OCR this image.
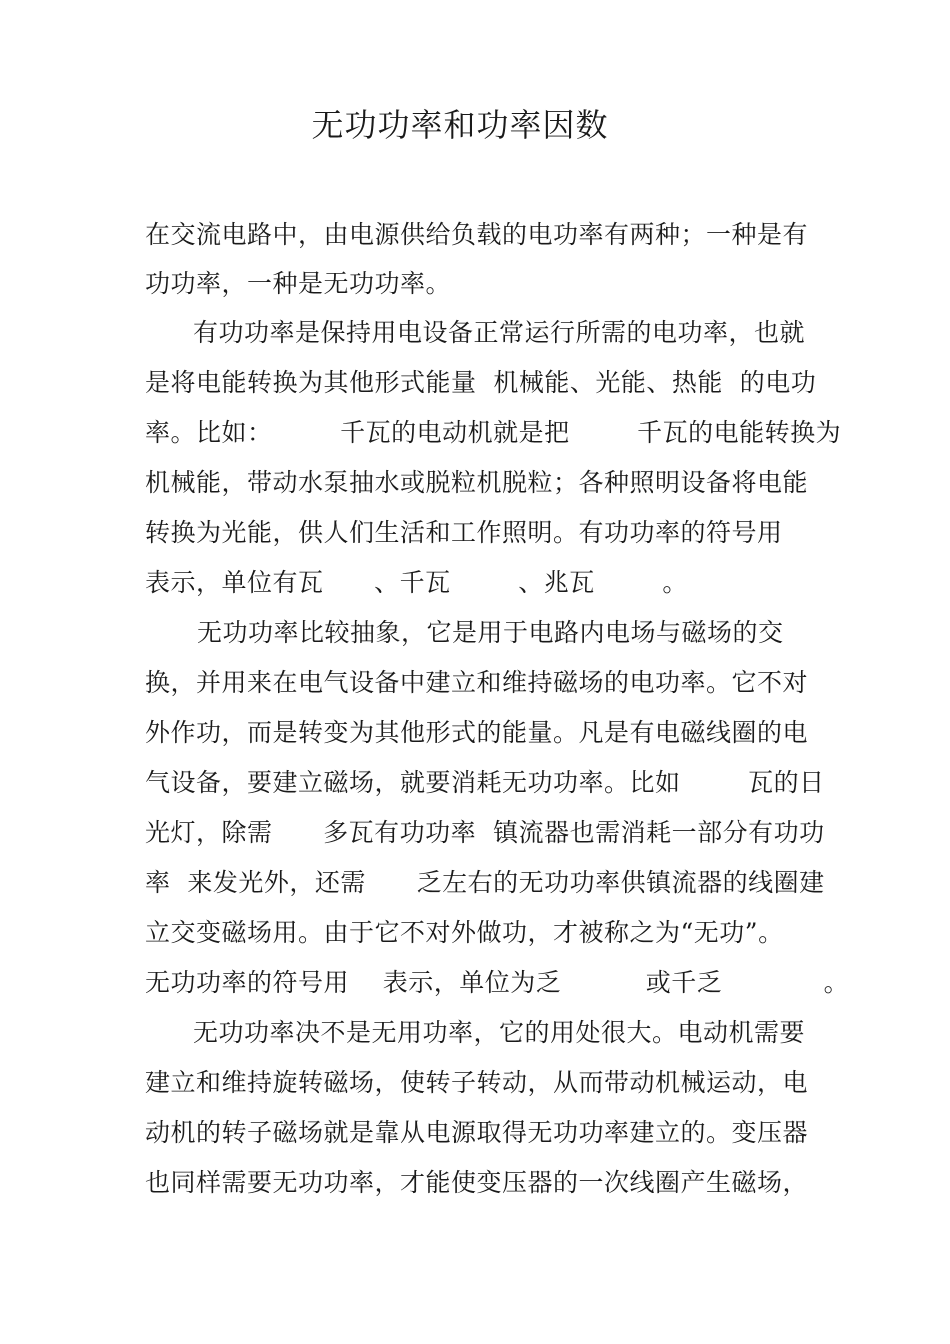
无功功率和功率因数
在交流电路中，由电源供给负载的电功率有两种；一种是有
功功率，一种是无功功率。
有功功率是保持用电设备正常运行所需的电功率，也就
是将电能转换为其他形式能量  机械能、光能、热能  的电功
率。比如：        千瓦的电动机就是把        千瓦的电能转换为
机械能，带动水泵抽水或脱粒机脱粒；各种照明设备将电能
转换为光能，供人们生活和工作照明。有功功率的符号用
表示，单位有瓦      、千瓦        、兆瓦        。
无功功率比较抽象，它是用于电路内电场与磁场的交
换，并用来在电气设备中建立和维持磁场的电功率。它不对
外作功，而是转变为其他形式的能量。凡是有电磁线圈的电
气设备，要建立磁场，就要消耗无功功率。比如        瓦的日
光灯，除需      多瓦有功功率  镇流器也需消耗一部分有功功
率  来发光外，还需      乏左右的无功功率供镇流器的线圈建
立交变磁场用。由于它不对外做功，才被称之为“无功”。
无功功率的符号用    表示，单位为乏          或千乏            。
无功功率决不是无用功率，它的用处很大。电动机需要
建立和维持旋转磁场，使转子转动，从而带动机械运动，电
动机的转子磁场就是靠从电源取得无功功率建立的。变压器
也同样需要无功功率，才能使变压器的一次线圈产生磁场，
